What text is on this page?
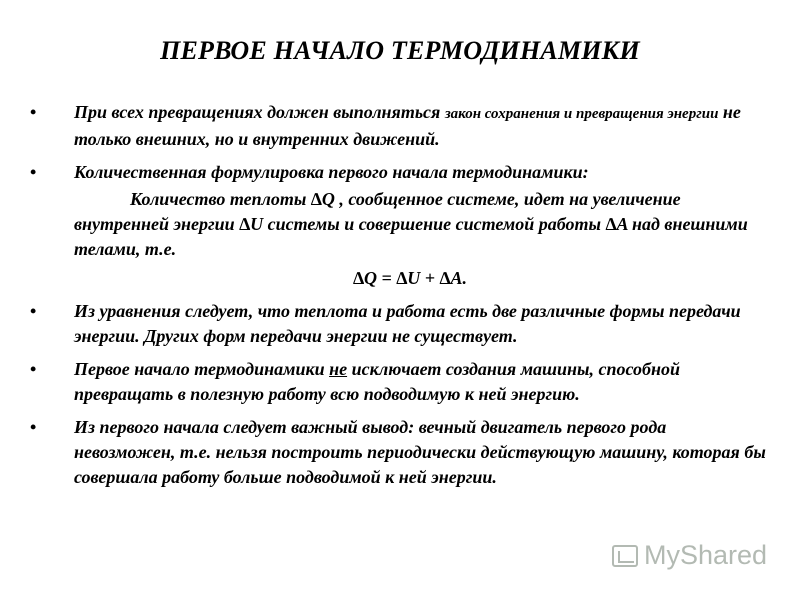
ПЕРВОЕ НАЧАЛО ТЕРМОДИНАМИКИ
• При всех превращениях должен выполняться закон сохранения и превращения энергии не только внешних, но и внутренних движений.
• Количественная формулировка первого начала термодинамики:
Количество теплоты ∆Q , сообщенное системе, идет на увеличение внутренней энергии ∆U системы и совершение системой работы ∆A над внешними телами, т.е.
∆Q = ∆U + ∆A.
• Из уравнения следует, что теплота и работа есть две различные формы передачи энергии. Других форм передачи энергии не существует.
• Первое начало термодинамики не исключает создания машины, способной превращать в полезную работу всю подводимую к ней энергию.
• Из первого начала следует важный вывод: вечный двигатель первого рода невозможен, т.е. нельзя построить периодически действующую машину, которая бы совершала работу больше подводимой к ней энергии.
MyShared
